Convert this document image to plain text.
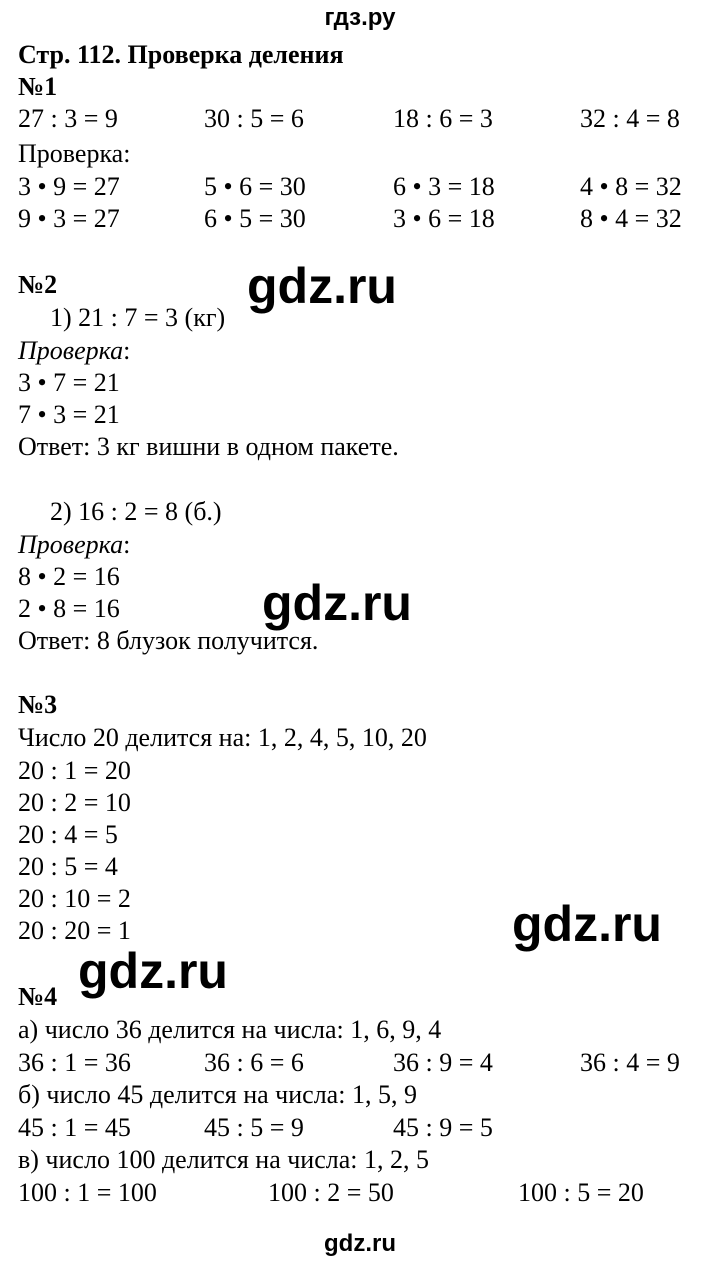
гдз.ру
Стр. 112. Проверка деления
№1
27 : 3 = 9	30 : 5 = 6	18 : 6 = 3	32 : 4 = 8
Проверка:
3 • 9 = 27	5 • 6 = 30	6 • 3 = 18	4 • 8 = 32
9 • 3 = 27	6 • 5 = 30	3 • 6 = 18	8 • 4 = 32
№2
1) 21 : 7 = 3 (кг)
Проверка:
3 • 7 = 21
7 • 3 = 21
Ответ: 3 кг вишни в одном пакете.
2) 16 : 2 = 8 (б.)
Проверка:
8 • 2 = 16
2 • 8 = 16
Ответ: 8 блузок получится.
№3
Число 20 делится на: 1, 2, 4, 5, 10, 20
20 : 1 = 20
20 : 2 = 10
20 : 4 = 5
20 : 5 = 4
20 : 10 = 2
20 : 20 = 1
№4
а) число 36 делится на числа: 1, 6, 9, 4
36 : 1 = 36	36 : 6 = 6	36 : 9 = 4	36 : 4 = 9
б) число 45 делится на числа: 1, 5, 9
45 : 1 = 45	45 : 5 = 9	45 : 9 = 5
в) число 100 делится на числа: 1, 2, 5
100 : 1 = 100	100 : 2 = 50	100 : 5 = 20
gdz.ru
gdz.ru
gdz.ru
gdz.ru
gdz.ru
